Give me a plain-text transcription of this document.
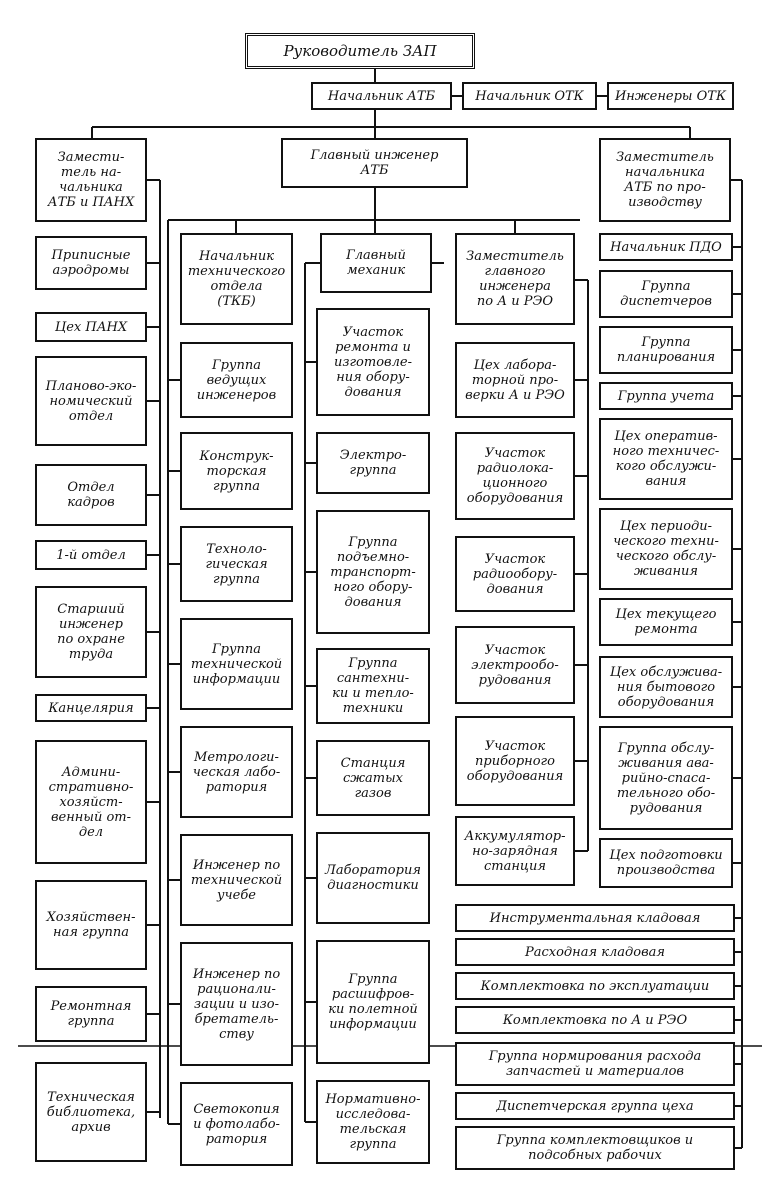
Руководитель ЗАП
Начальник АТБ	Начальник ОТК	Инженеры ОТК
Замести-
тель на-
чальника
АТБ и ПАНХ
Главный инженер
АТБ
Заместитель
начальника
АТБ по про-
изводству
Приписные
аэродромы
Цех ПАНХ
Планово-эко-
номический
отдел
Отдел
кадров
1-й отдел
Старший
инженер
по охране
труда
Канцелярия
Админи-
стративно-
хозяйст-
венный от-
дел
Хозяйствен-
ная группа
Ремонтная
группа
Техническая
библиотека,
архив
Начальник
технического
отдела
(ТКБ)
Главный
механик
Заместитель
главного
инженера
по А и РЭО
Группа
ведущих
инженеров
Конструк-
торская
группа
Техноло-
гическая
группа
Группа
технической
информации
Метрологи-
ческая лабо-
ратория
Инженер по
технической
учебе
Инженер по
рационали-
зации и изо-
бретатель-
ству
Светокопия
и фотолабо-
ратория
Участок
ремонта и
изготовле-
ния обору-
дования
Электро-
группа
Группа
подъемно-
транспорт-
ного обору-
дования
Группа
сантехни-
ки и тепло-
техники
Станция
сжатых
газов
Лаборатория
диагностики
Группа
расшифров-
ки полетной
информации
Нормативно-
исследова-
тельская
группа
Цех лабора-
торной про-
верки А и РЭО
Участок
радиолока-
ционного
оборудования
Участок
радиообору-
дования
Участок
электрообо-
рудования
Участок
приборного
оборудования
Аккумулятор-
но-зарядная
станция
Начальник ПДО
Группа
диспетчеров
Группа
планирования
Группа учета
Цех оператив-
ного техничес-
кого обслужи-
вания
Цех периоди-
ческого техни-
ческого обслу-
живания
Цех текущего
ремонта
Цех обслужива-
ния бытового
оборудования
Группа обслу-
живания ава-
рийно-спаса-
тельного обо-
рудования
Цех подготовки
производства
Инструментальная кладовая
Расходная кладовая
Комплектовка по эксплуатации
Комплектовка по А и РЭО
Группа нормирования расхода
запчастей и материалов
Диспетчерская группа цеха
Группа комплектовщиков и
подсобных рабочих
